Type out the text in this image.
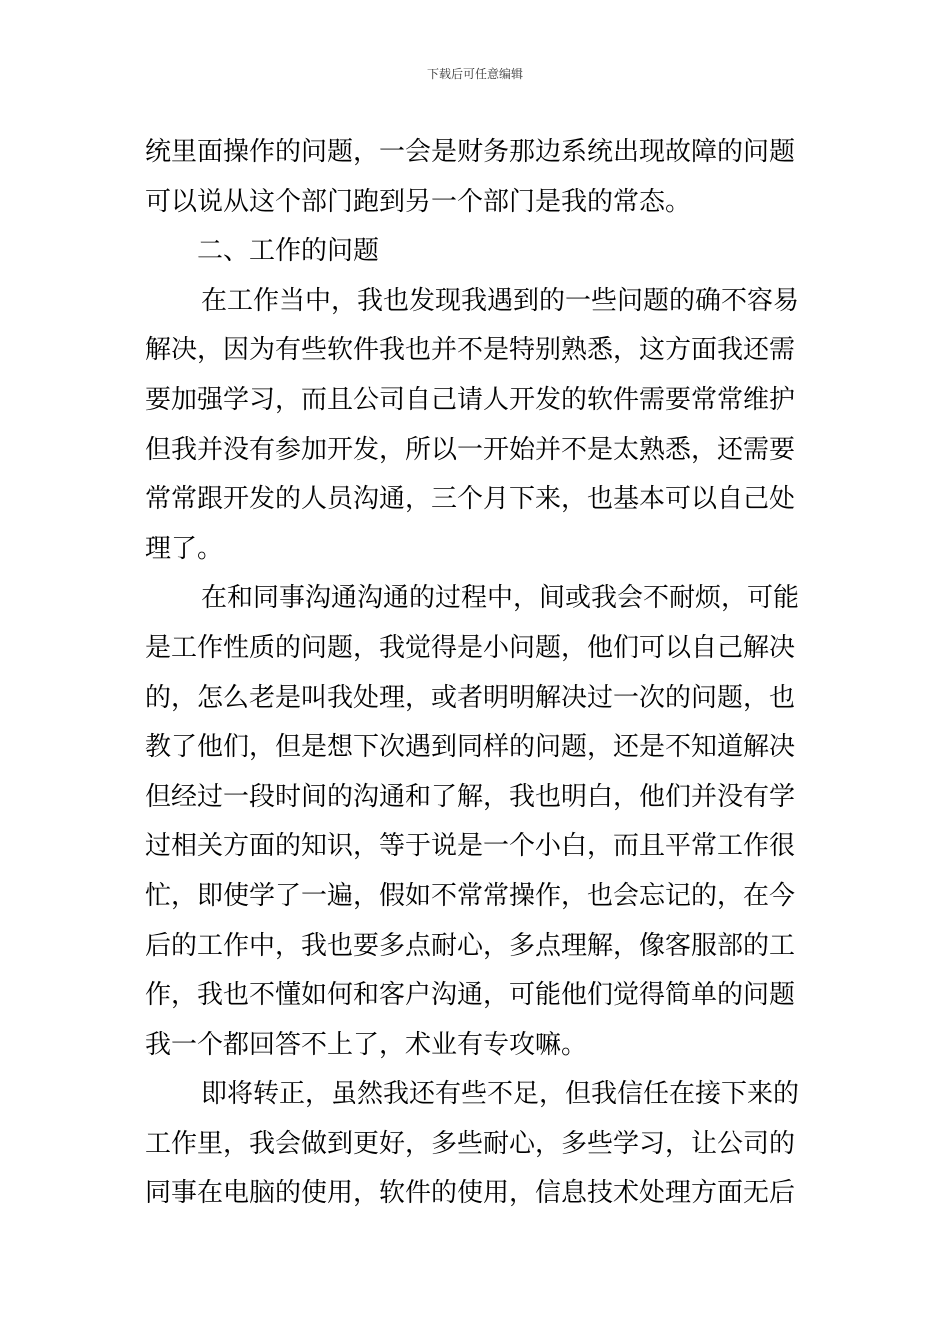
下载后可任意编辑
统里面操作的问题，一会是财务那边系统出现故障的问题
可以说从这个部门跑到另一个部门是我的常态。
二、工作的问题
在工作当中，我也发现我遇到的一些问题的确不容易
解决，因为有些软件我也并不是特别熟悉，这方面我还需
要加强学习，而且公司自己请人开发的软件需要常常维护
但我并没有参加开发，所以一开始并不是太熟悉，还需要
常常跟开发的人员沟通，三个月下来，也基本可以自己处
理了。
在和同事沟通沟通的过程中，间或我会不耐烦，可能
是工作性质的问题，我觉得是小问题，他们可以自己解决
的，怎么老是叫我处理，或者明明解决过一次的问题，也
教了他们，但是想下次遇到同样的问题，还是不知道解决
但经过一段时间的沟通和了解，我也明白，他们并没有学
过相关方面的知识，等于说是一个小白，而且平常工作很
忙，即使学了一遍，假如不常常操作，也会忘记的，在今
后的工作中，我也要多点耐心，多点理解，像客服部的工
作，我也不懂如何和客户沟通，可能他们觉得简单的问题
我一个都回答不上了，术业有专攻嘛。
即将转正，虽然我还有些不足，但我信任在接下来的
工作里，我会做到更好，多些耐心，多些学习，让公司的
同事在电脑的使用，软件的使用，信息技术处理方面无后
